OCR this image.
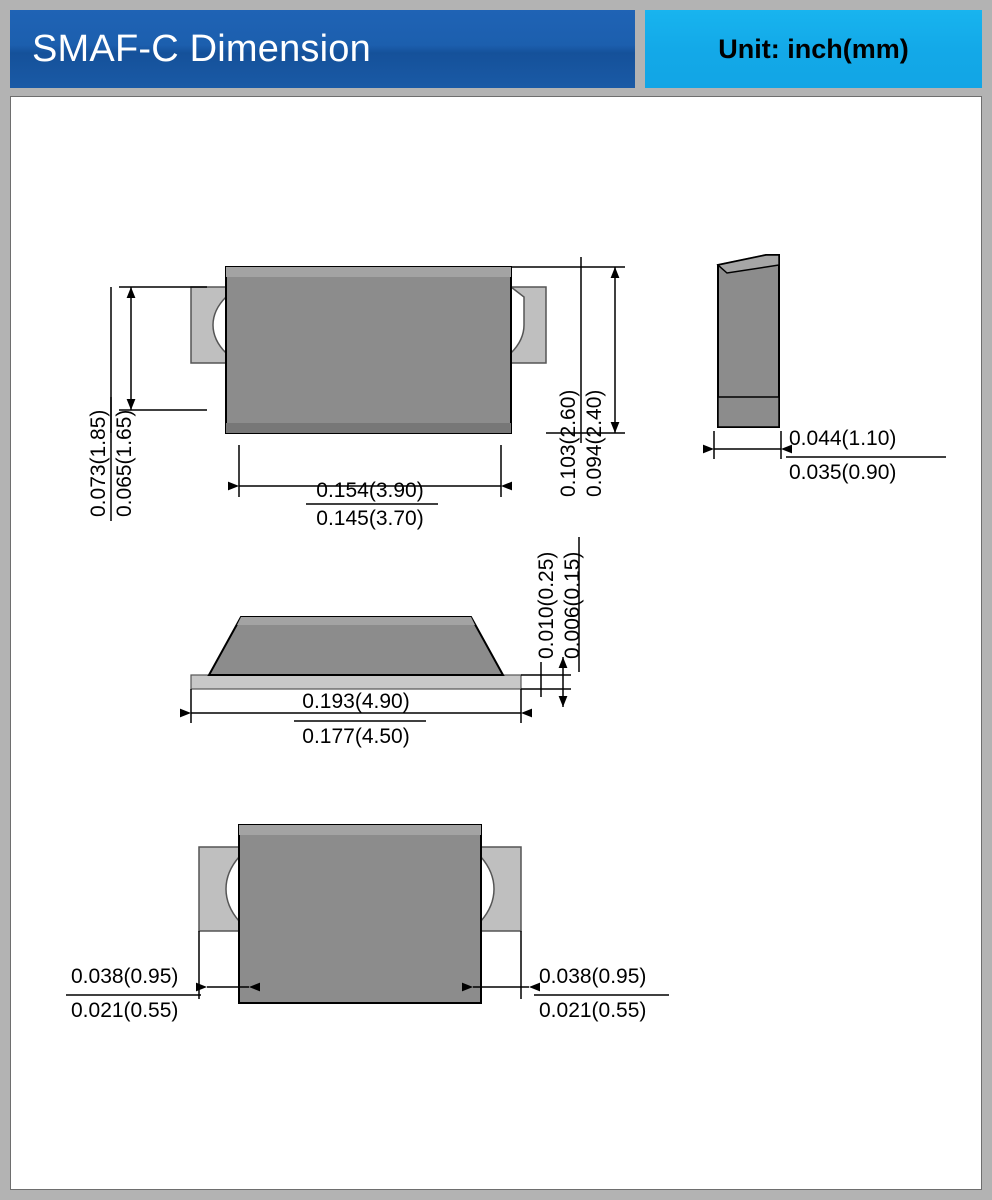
SMAF-C Dimension	Unit: inch(mm)
0.073(1.85) 0.065(1.65)	0.154(3.90)
0.145(3.70)
0.103(2.60) 0.094(2.40)	0.044(1.10)
0.035(0.90)
0.193(4.90)
0.177(4.50)
0.010(0.25) 0.006(0.15)
0.038(0.95)
0.021(0.55)
0.038(0.95)
0.021(0.55)
